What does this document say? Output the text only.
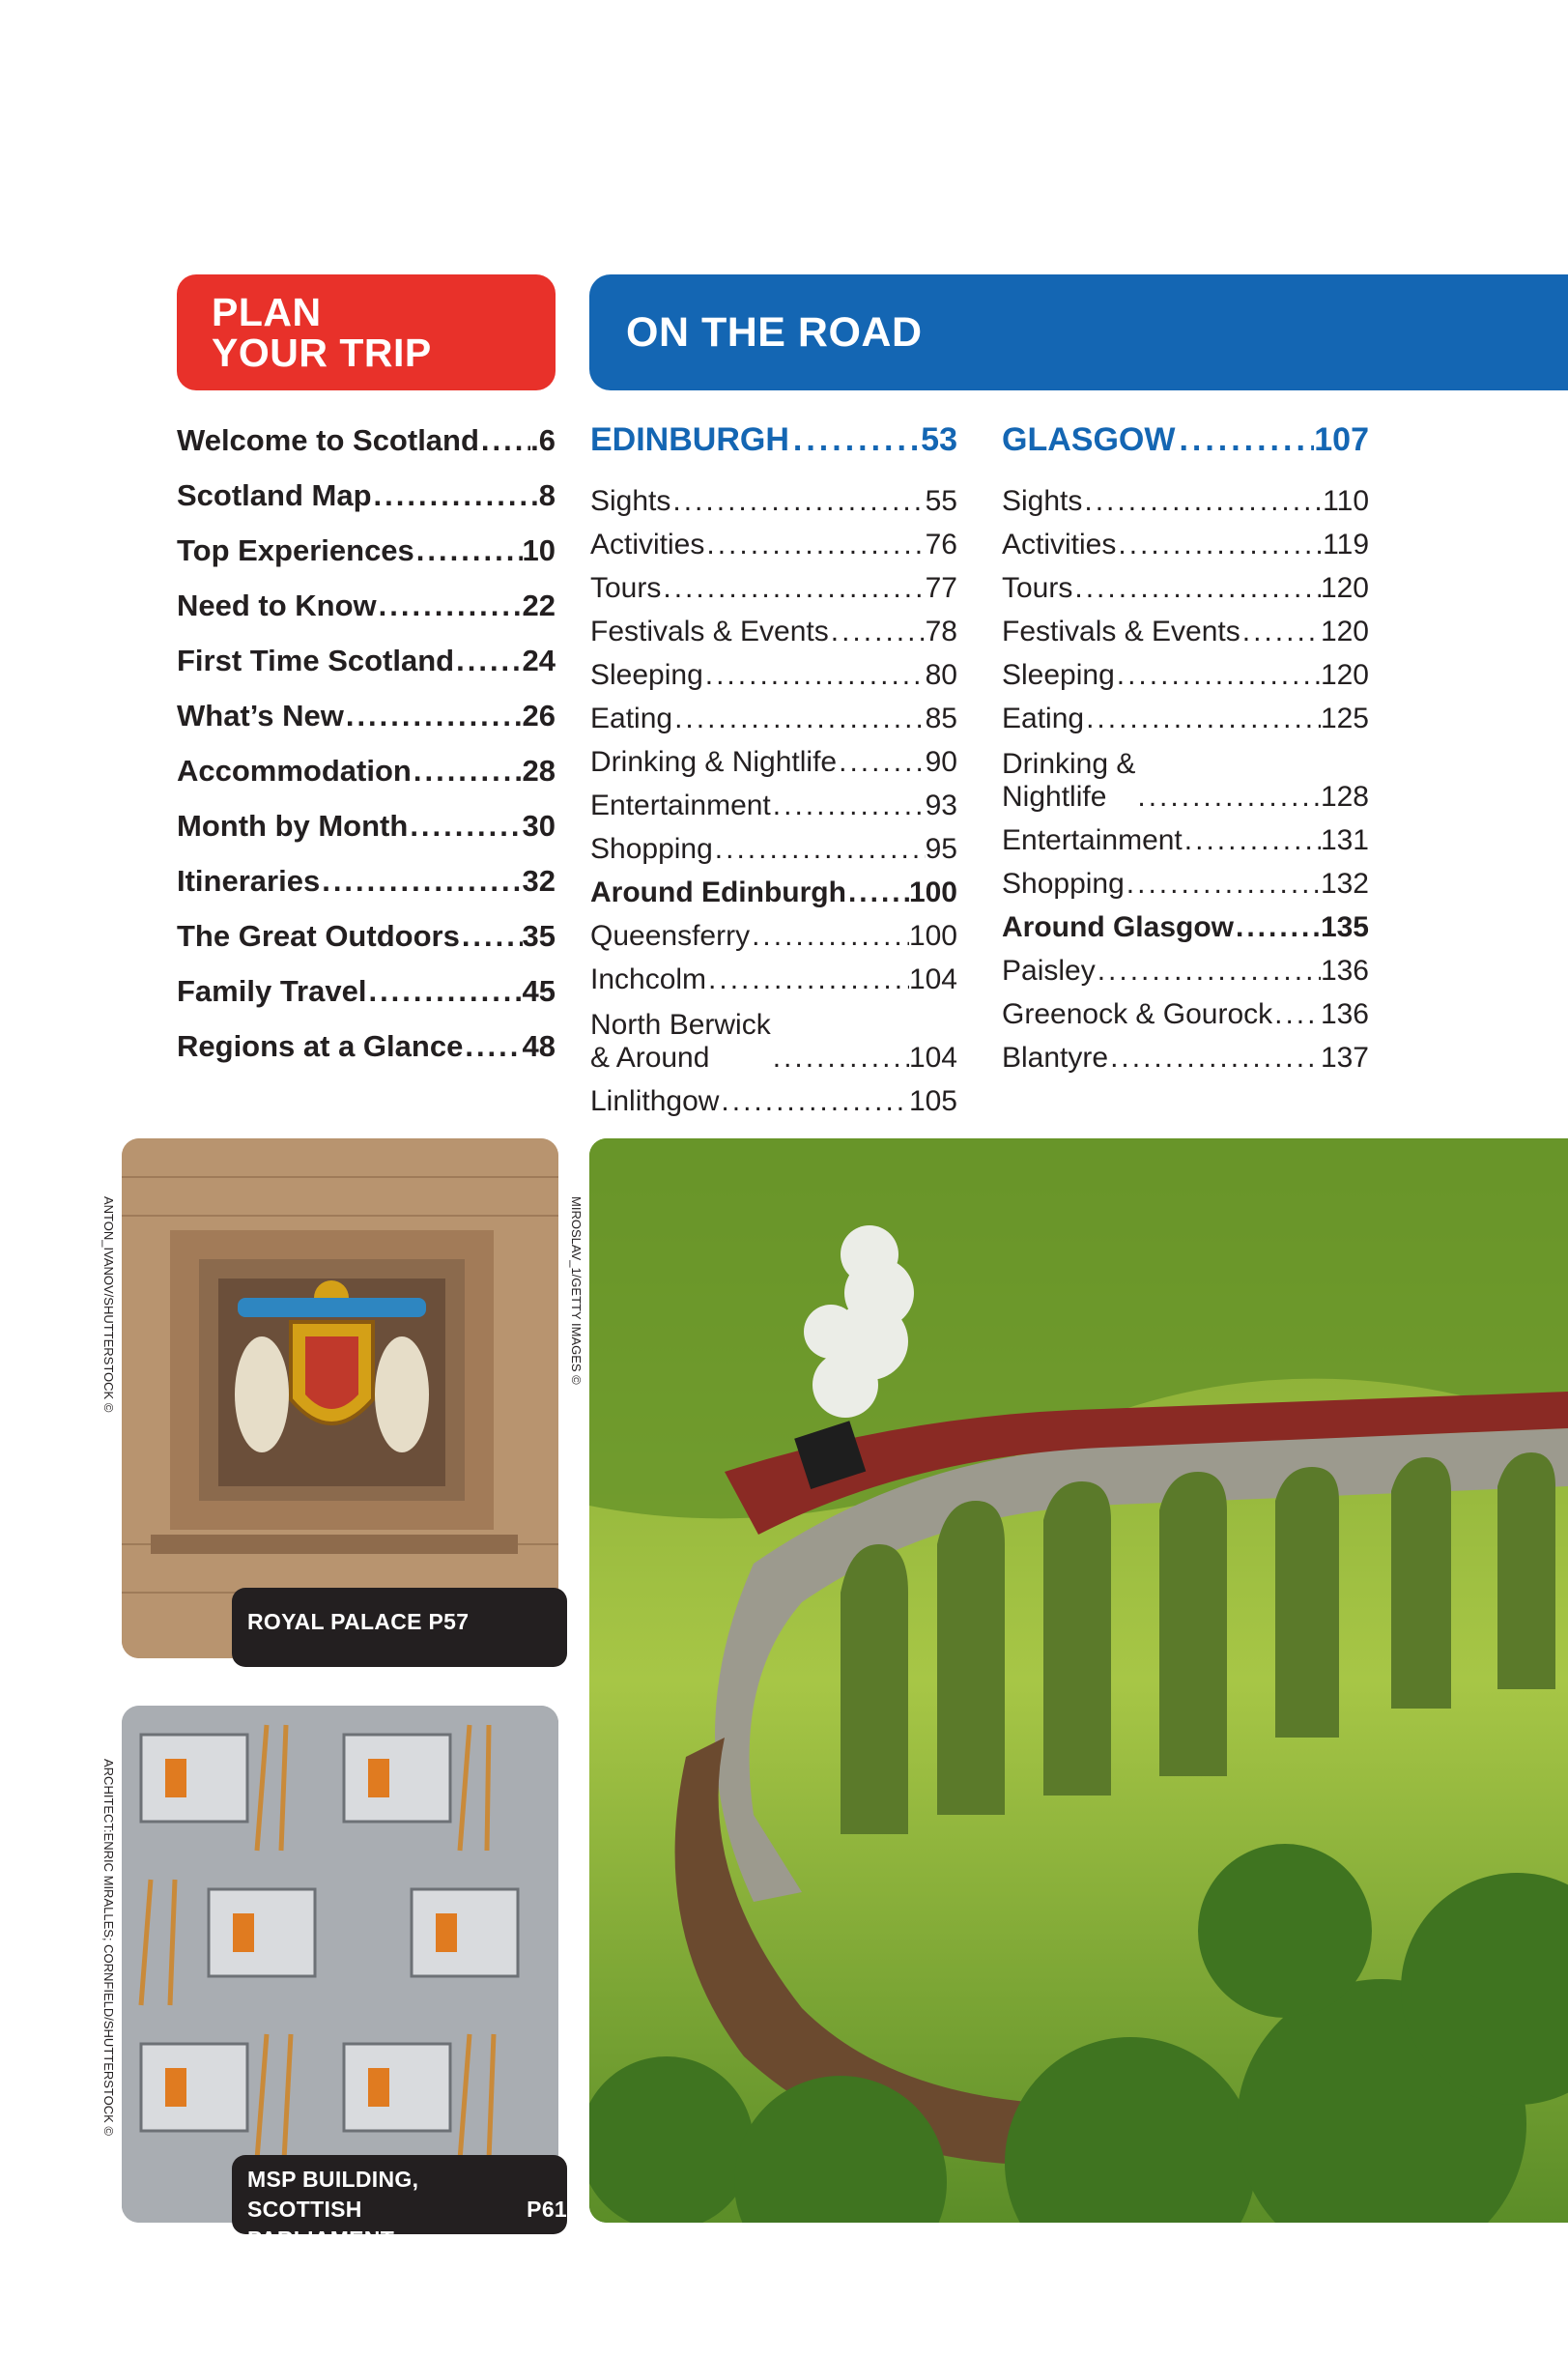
PLAN
YOUR TRIP	ON THE ROAD
Welcome to Scotland ..... .6
Scotland Map .....	.8
Top Experiences .....	10
Need to Know .....	22
First Time Scotland ..... 24
What’s New .....	26
Accommodation .....	28
Month by Month .....	30
Itineraries .....	32
The Great Outdoors ..... 35
Family Travel .....	45
Regions at a Glance ..... 48
EDINBURGH .....	53
Sights .....	55
Activities .....	76
Tours .....	77
Festivals & Events .....	78
Sleeping .....	80
Eating .....	85
Drinking & Nightlife .....	90
Entertainment .....	93
Shopping .....	95
Around Edinburgh ..... 100
Queensferry .....	100
Inchcolm .....	104
North Berwick
& Around .....	104
Linlithgow .....	105
GLASGOW .....	107
Sights .....	110
Activities .....	119
Tours .....	120
Festivals & Events .....	120
Sleeping .....	120
Eating .....	125
Drinking &
Nightlife .....	128
Entertainment .....	131
Shopping .....	132
Around Glasgow .....	135
Paisley .....	136
Greenock & Gourock ..... 136
Blantyre .....	137
ROYAL PALACE P57
ANTON_IVANOV/SHUTTERSTOCK ©
MSP BUILDING,
SCOTTISH PARLIAMENT
P61
ARCHITECT:ENRIC MIRALLES; CORNFIELD/SHUTTERSTOCK ©
MIROSLAV_1/GETTY IMAGES ©
